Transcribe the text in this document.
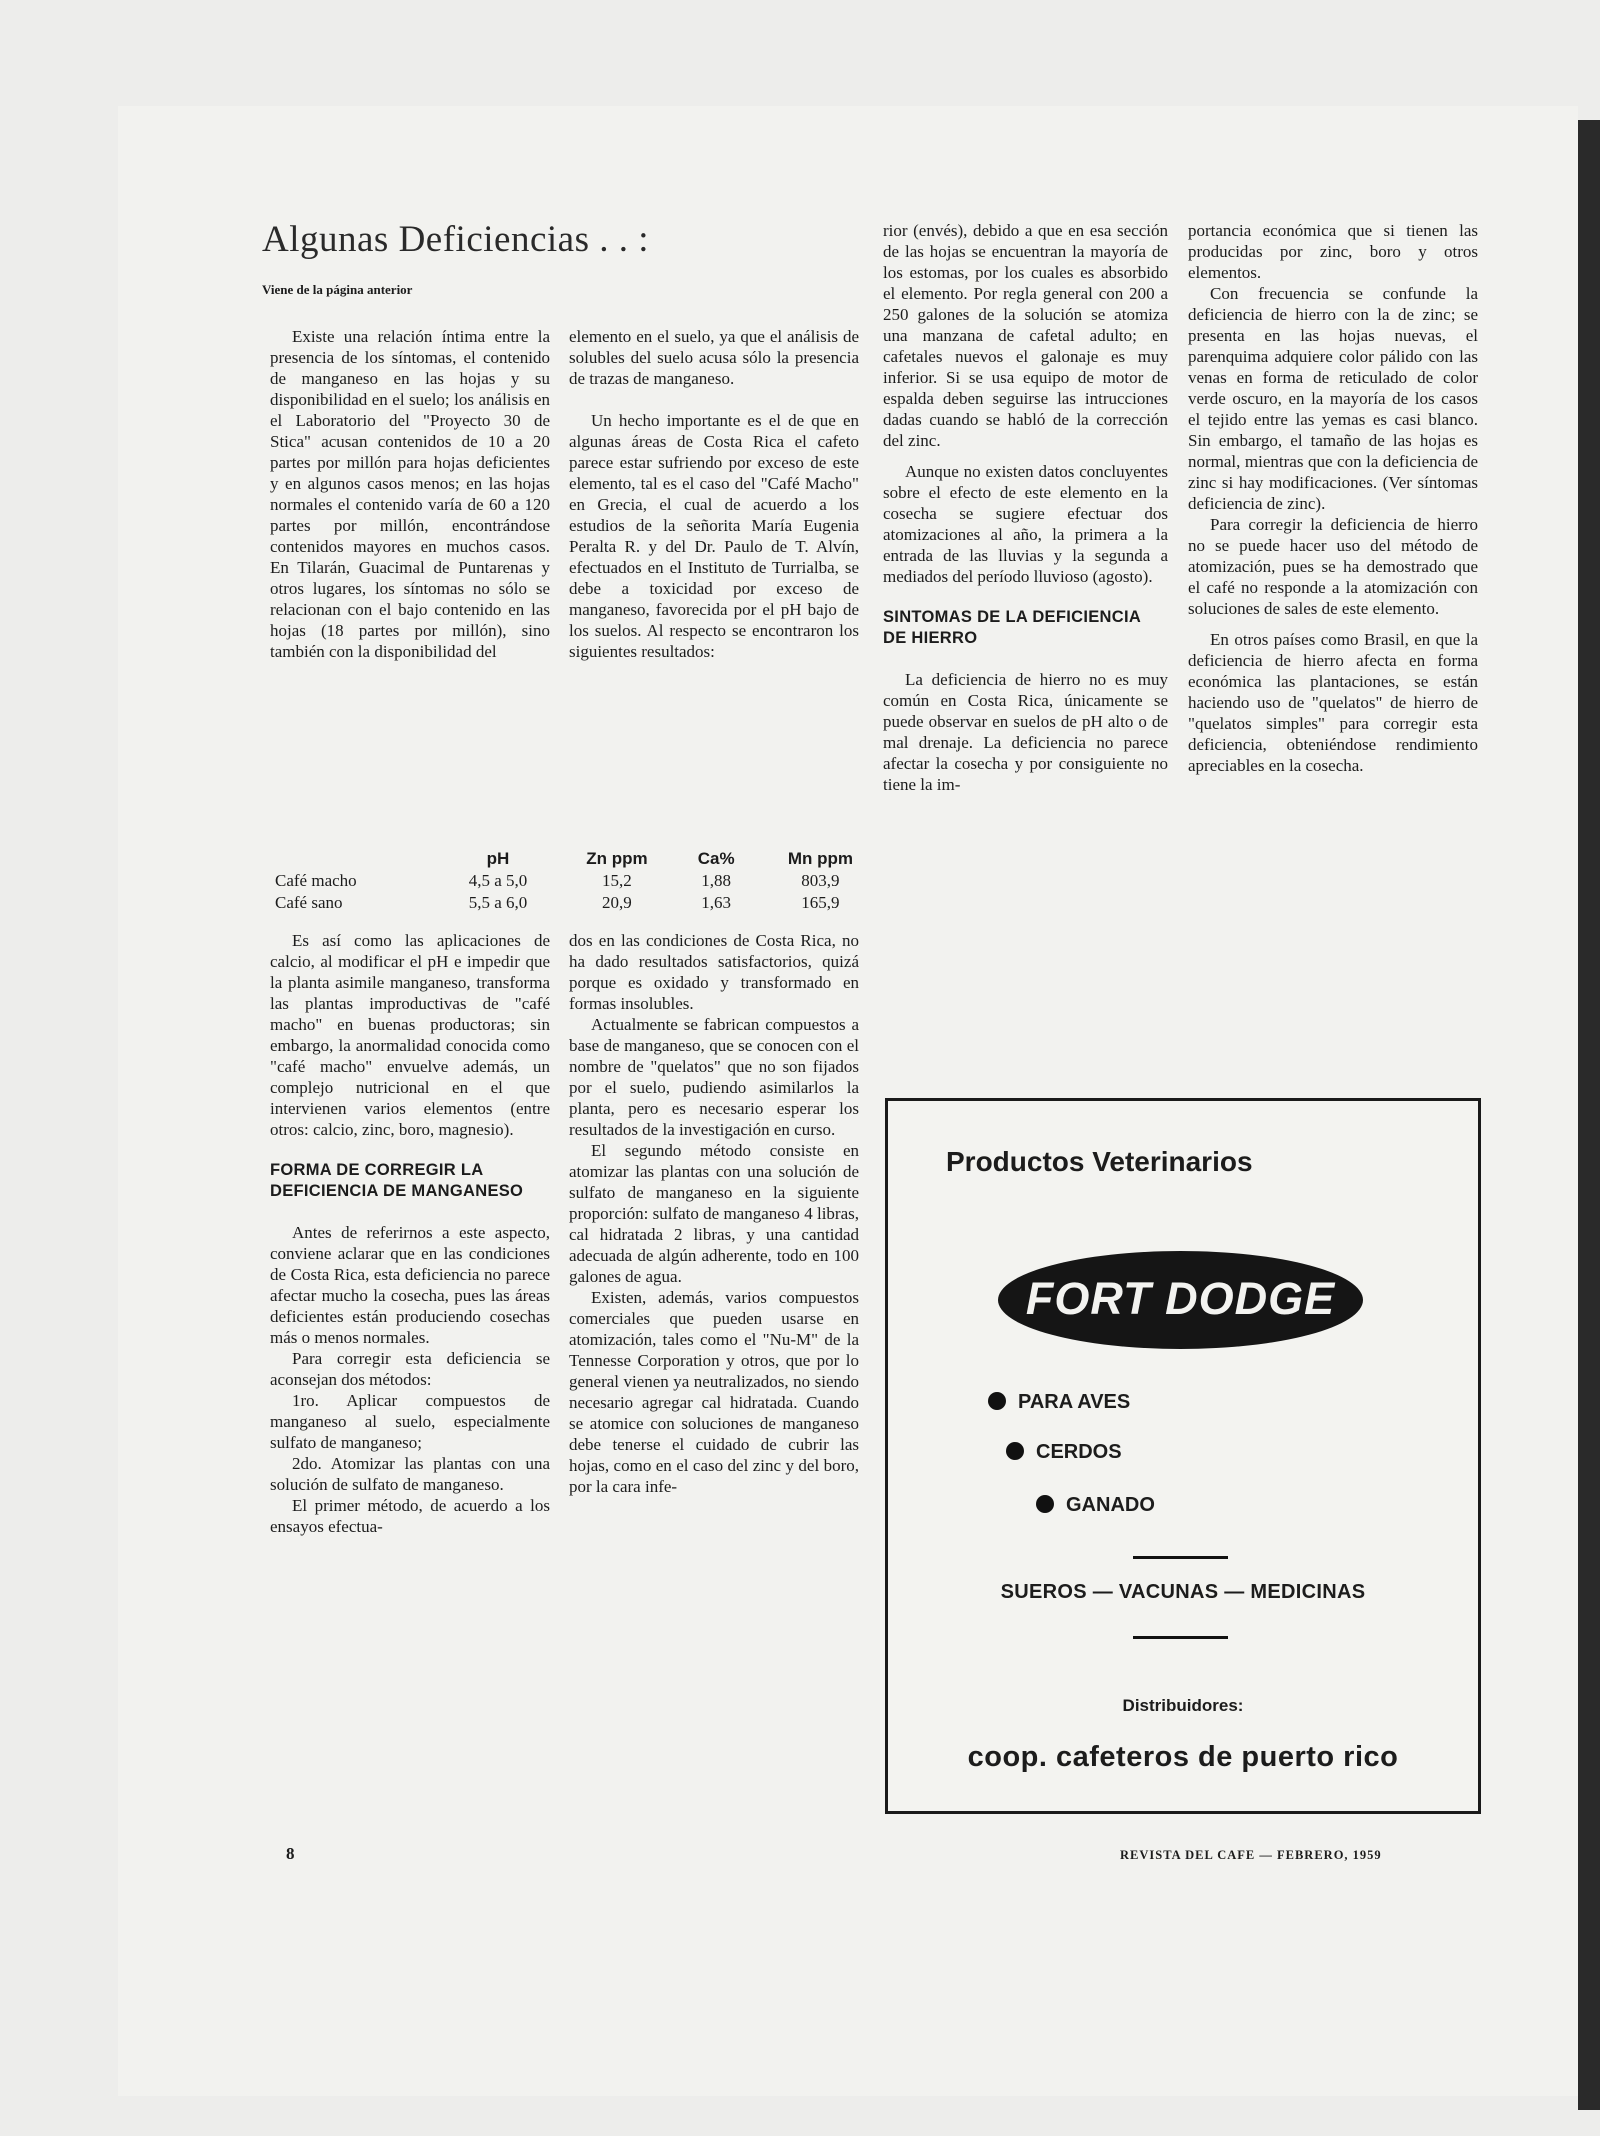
Algunas Deficiencias . . :
Viene de la página anterior

Existe una relación íntima entre la presencia de los síntomas, el contenido de manganeso en las hojas y su disponibilidad en el suelo; los análisis en el Laboratorio del "Proyecto 30 de Stica" acusan contenidos de 10 a 20 partes por millón para hojas deficientes y en algunos casos menos; en las hojas normales el contenido varía de 60 a 120 partes por millón, encontrándose contenidos mayores en muchos casos. En Tilarán, Guacimal de Puntarenas y otros lugares, los síntomas no sólo se relacionan con el bajo contenido en las hojas (18 partes por millón), sino también con la disponibilidad del

	pH	Zn ppm	Ca%	Mn ppm
Café macho	4,5 a 5,0	15,2	1,88	803,9
Café sano	5,5 a 6,0	20,9	1,63	165,9

Es así como las aplicaciones de calcio, al modificar el pH e impedir que la planta asimile manganeso, transforma las plantas improductivas de "café macho" en buenas productoras; sin embargo, la anormalidad conocida como "café macho" envuelve además, un complejo nutricional en el que intervienen varios elementos (entre otros: calcio, zinc, boro, magnesio).

FORMA DE CORREGIR LA DEFICIENCIA DE MANGANESO

Antes de referirnos a este aspecto, conviene aclarar que en las condiciones de Costa Rica, esta deficiencia no parece afectar mucho la cosecha, pues las áreas deficientes están produciendo cosechas más o menos normales.

Para corregir esta deficiencia se aconsejan dos métodos:

1ro. Aplicar compuestos de manganeso al suelo, especialmente sulfato de manganeso;

2do. Atomizar las plantas con una solución de sulfato de manganeso.

El primer método, de acuerdo a los ensayos efectua-

elemento en el suelo, ya que el análisis de solubles del suelo acusa sólo la presencia de trazas de manganeso.

Un hecho importante es el de que en algunas áreas de Costa Rica el cafeto parece estar sufriendo por exceso de este elemento, tal es el caso del "Café Macho" en Grecia, el cual de acuerdo a los estudios de la señorita María Eugenia Peralta R. y del Dr. Paulo de T. Alvín, efectuados en el Instituto de Turrialba, se debe a toxicidad por exceso de manganeso, favorecida por el pH bajo de los suelos. Al respecto se encontraron los siguientes resultados:

dos en las condiciones de Costa Rica, no ha dado resultados satisfactorios, quizá porque es oxidado y transformado en formas insolubles.

Actualmente se fabrican compuestos a base de manganeso, que se conocen con el nombre de "quelatos" que no son fijados por el suelo, pudiendo asimilarlos la planta, pero es necesario esperar los resultados de la investigación en curso.

El segundo método consiste en atomizar las plantas con una solución de sulfato de manganeso en la siguiente proporción: sulfato de manganeso 4 libras, cal hidratada 2 libras, y una cantidad adecuada de algún adherente, todo en 100 galones de agua.

Existen, además, varios compuestos comerciales que pueden usarse en atomización, tales como el "Nu-M" de la Tennesse Corporation y otros, que por lo general vienen ya neutralizados, no siendo necesario agregar cal hidratada. Cuando se atomice con soluciones de manganeso debe tenerse el cuidado de cubrir las hojas, como en el caso del zinc y del boro, por la cara infe-

rior (envés), debido a que en esa sección de las hojas se encuentran la mayoría de los estomas, por los cuales es absorbido el elemento. Por regla general con 200 a 250 galones de la solución se atomiza una manzana de cafetal adulto; en cafetales nuevos el galonaje es muy inferior. Si se usa equipo de motor de espalda deben seguirse las intrucciones dadas cuando se habló de la corrección del zinc.

Aunque no existen datos concluyentes sobre el efecto de este elemento en la cosecha se sugiere efectuar dos atomizaciones al año, la primera a la entrada de las lluvias y la segunda a mediados del período lluvioso (agosto).

SINTOMAS DE LA DEFICIENCIA DE HIERRO

La deficiencia de hierro no es muy común en Costa Rica, únicamente se puede observar en suelos de pH alto o de mal drenaje. La deficiencia no parece afectar la cosecha y por consiguiente no tiene la im-

portancia económica que si tienen las producidas por zinc, boro y otros elementos.

Con frecuencia se confunde la deficiencia de hierro con la de zinc; se presenta en las hojas nuevas, el parenquima adquiere color pálido con las venas en forma de reticulado de color verde oscuro, en la mayoría de los casos el tejido entre las yemas es casi blanco. Sin embargo, el tamaño de las hojas es normal, mientras que con la deficiencia de zinc si hay modificaciones. (Ver síntomas deficiencia de zinc).

Para corregir la deficiencia de hierro no se puede hacer uso del método de atomización, pues se ha demostrado que el café no responde a la atomización con soluciones de sales de este elemento.

En otros países como Brasil, en que la deficiencia de hierro afecta en forma económica las plantaciones, se están haciendo uso de "quelatos" de hierro de "quelatos simples" para corregir esta deficiencia, obteniéndose rendimiento apreciables en la cosecha.

Productos Veterinarios
FORT DODGE
PARA AVES
CERDOS
GANADO
SUEROS — VACUNAS — MEDICINAS
Distribuidores:
coop. cafeteros de puerto rico
8	REVISTA DEL CAFE — FEBRERO, 1959
